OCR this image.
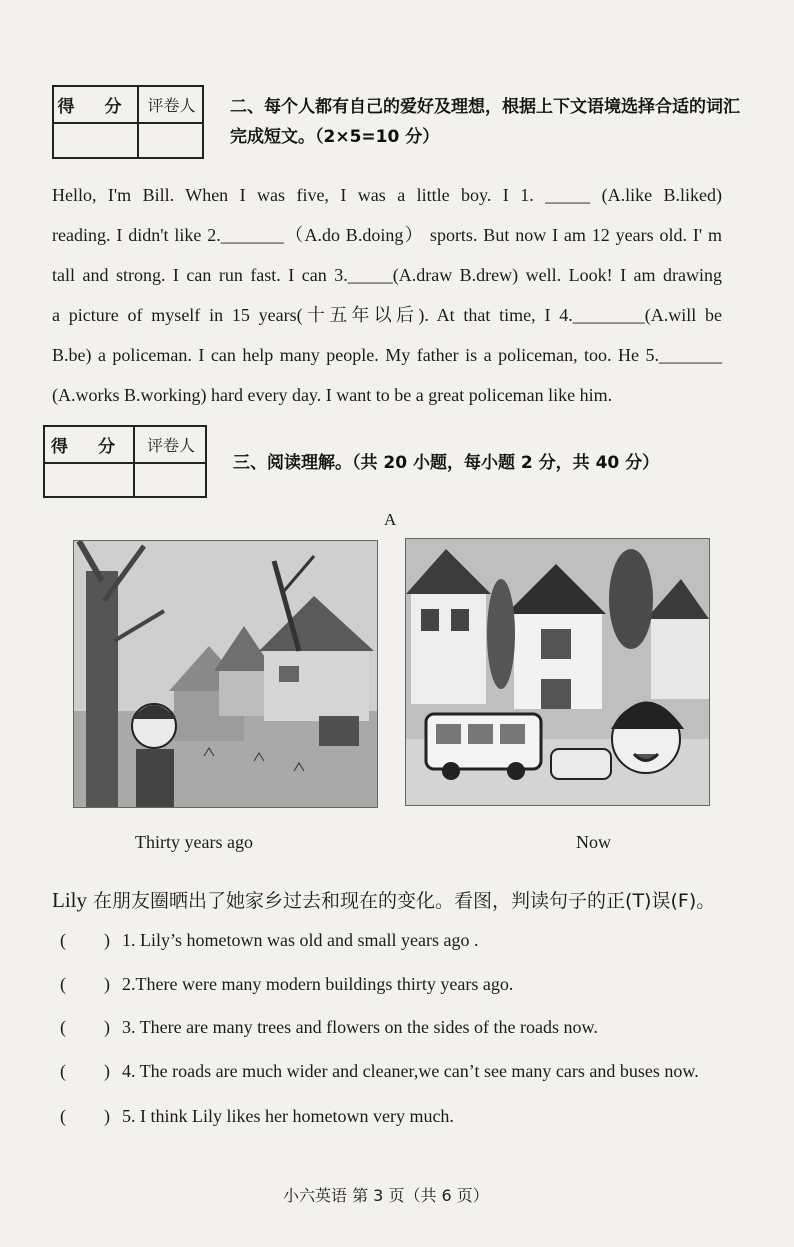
得 分 评卷人	二、每个人都有自己的爱好及理想，根据上下文语境选择合适的词汇完成短文。（2×5=10 分）

Hello, I'm Bill. When I was five, I was a little boy. I 1. _____ (A.like B.liked)

reading. I didn't like 2._______（A.do B.doing） sports. But now I am 12 years old. I' m

tall and strong. I can run fast. I can 3._____(A.draw B.drew) well. Look! I am drawing

a picture of myself in 15 years(十五年以后). At that time, I 4.________(A.will be

B.be) a policeman. I can help many people. My father is a policeman, too. He 5._______

(A.works B.working) hard every day. I want to be a great policeman like him.

得 分	评卷人
三、阅读理解。（共 20 小题，每小题 2 分，共 40 分）
A
Thirty years ago	Now
Lily 在朋友圈晒出了她家乡过去和现在的变化。看图，判读句子的正(T)误(F)。
( ) 1. Lily’s hometown was old and small years ago .
( ) 2.There were many modern buildings thirty years ago.
( ) 3. There are many trees and flowers on the sides of the roads now.
( ) 4. The roads are much wider and cleaner,we can’t see many cars and buses now.
( ) 5. I think Lily likes her hometown very much.
小六英语 第 3 页（共 6 页）
